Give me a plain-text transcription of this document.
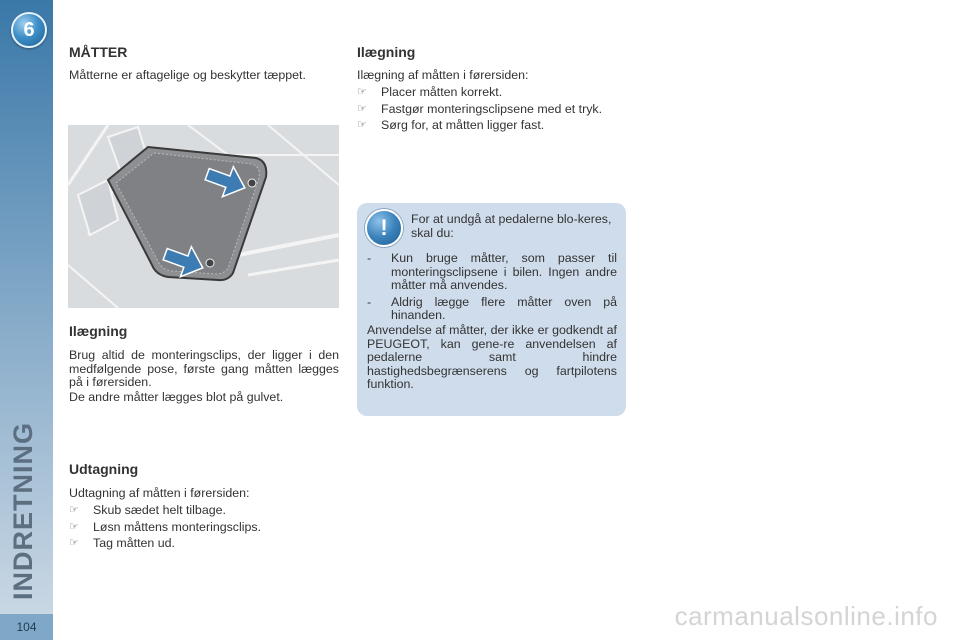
6
INDRETNING
104
MÅTTER

Måtterne er aftagelige og beskytter tæppet.

Ilægning

Brug altid de monteringsclips, der ligger i den medfølgende pose, første gang måtten lægges på i førersiden.

De andre måtter lægges blot på gulvet.

Udtagning

Udtagning af måtten i førersiden:

☞ Skub sædet helt tilbage.
☞ Løsn måttens monteringsclips.
☞ Tag måtten ud.
Ilægning

Ilægning af måtten i førersiden:

☞ Placer måtten korrekt.
☞ Fastgør monteringsclipsene med et tryk.
☞ Sørg for, at måtten ligger fast.
!	For at undgå at pedalerne blo-keres, skal du:

- Kun bruge måtter, som passer til monteringsclipsene i bilen. Ingen andre måtter må anvendes.
- Aldrig lægge flere måtter oven på hinanden.

Anvendelse af måtter, der ikke er godkendt af PEUGEOT, kan gene-re anvendelsen af pedalerne samt hindre hastighedsbegrænserens og fartpilotens funktion.

carmanualsonline.info
